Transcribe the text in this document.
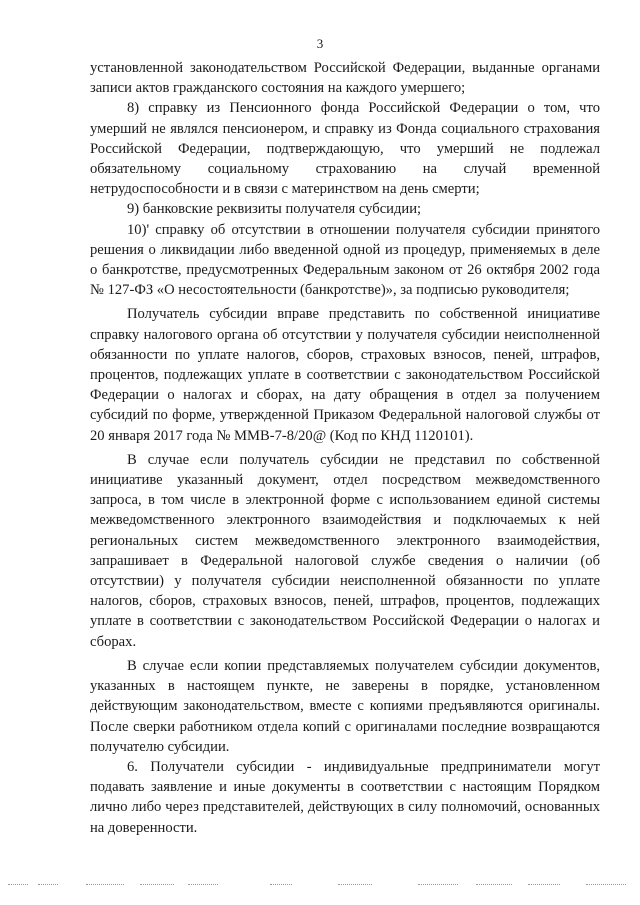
3

установленной законодательством Российской Федерации, выданные органами записи актов гражданского состояния на каждого умершего;

8) справку из Пенсионного фонда Российской Федерации о том, что умерший не являлся пенсионером, и справку из Фонда социального страхования Российской Федерации, подтверждающую, что умерший не подлежал обязательному социальному страхованию на случай временной нетрудоспособности и в связи с материнством на день смерти;

9) банковские реквизиты получателя субсидии;

10)' справку об отсутствии в отношении получателя субсидии принятого решения о ликвидации либо введенной одной из процедур, применяемых в деле о банкротстве, предусмотренных Федеральным законом от 26 октября 2002 года № 127-ФЗ «О несостоятельности (банкротстве)», за подписью руководителя;

Получатель субсидии вправе представить по собственной инициативе справку налогового органа об отсутствии у получателя субсидии неисполненной обязанности по уплате налогов, сборов, страховых взносов, пеней, штрафов, процентов, подлежащих уплате в соответствии с законодательством Российской Федерации о налогах и сборах, на дату обращения в отдел за получением субсидий по форме, утвержденной Приказом Федеральной налоговой службы от 20 января 2017 года № ММВ-7-8/20@ (Код по КНД 1120101).

В случае если получатель субсидии не представил по собственной инициативе указанный документ, отдел посредством межведомственного запроса, в том числе в электронной форме с использованием единой системы межведомственного электронного взаимодействия и подключаемых к ней региональных систем межведомственного электронного взаимодействия, запрашивает в Федеральной налоговой службе сведения о наличии (об отсутствии) у получателя субсидии неисполненной обязанности по уплате налогов, сборов, страховых взносов, пеней, штрафов, процентов, подлежащих уплате в соответствии с законодательством Российской Федерации о налогах и сборах.

В случае если копии представляемых получателем субсидии документов, указанных в настоящем пункте, не заверены в порядке, установленном действующим законодательством, вместе с копиями предъявляются оригиналы. После сверки работником отдела копий с оригиналами последние возвращаются получателю субсидии.

6. Получатели субсидии - индивидуальные предприниматели могут подавать заявление и иные документы в соответствии с настоящим Порядком лично либо через представителей, действующих в силу полномочий, основанных на доверенности.
